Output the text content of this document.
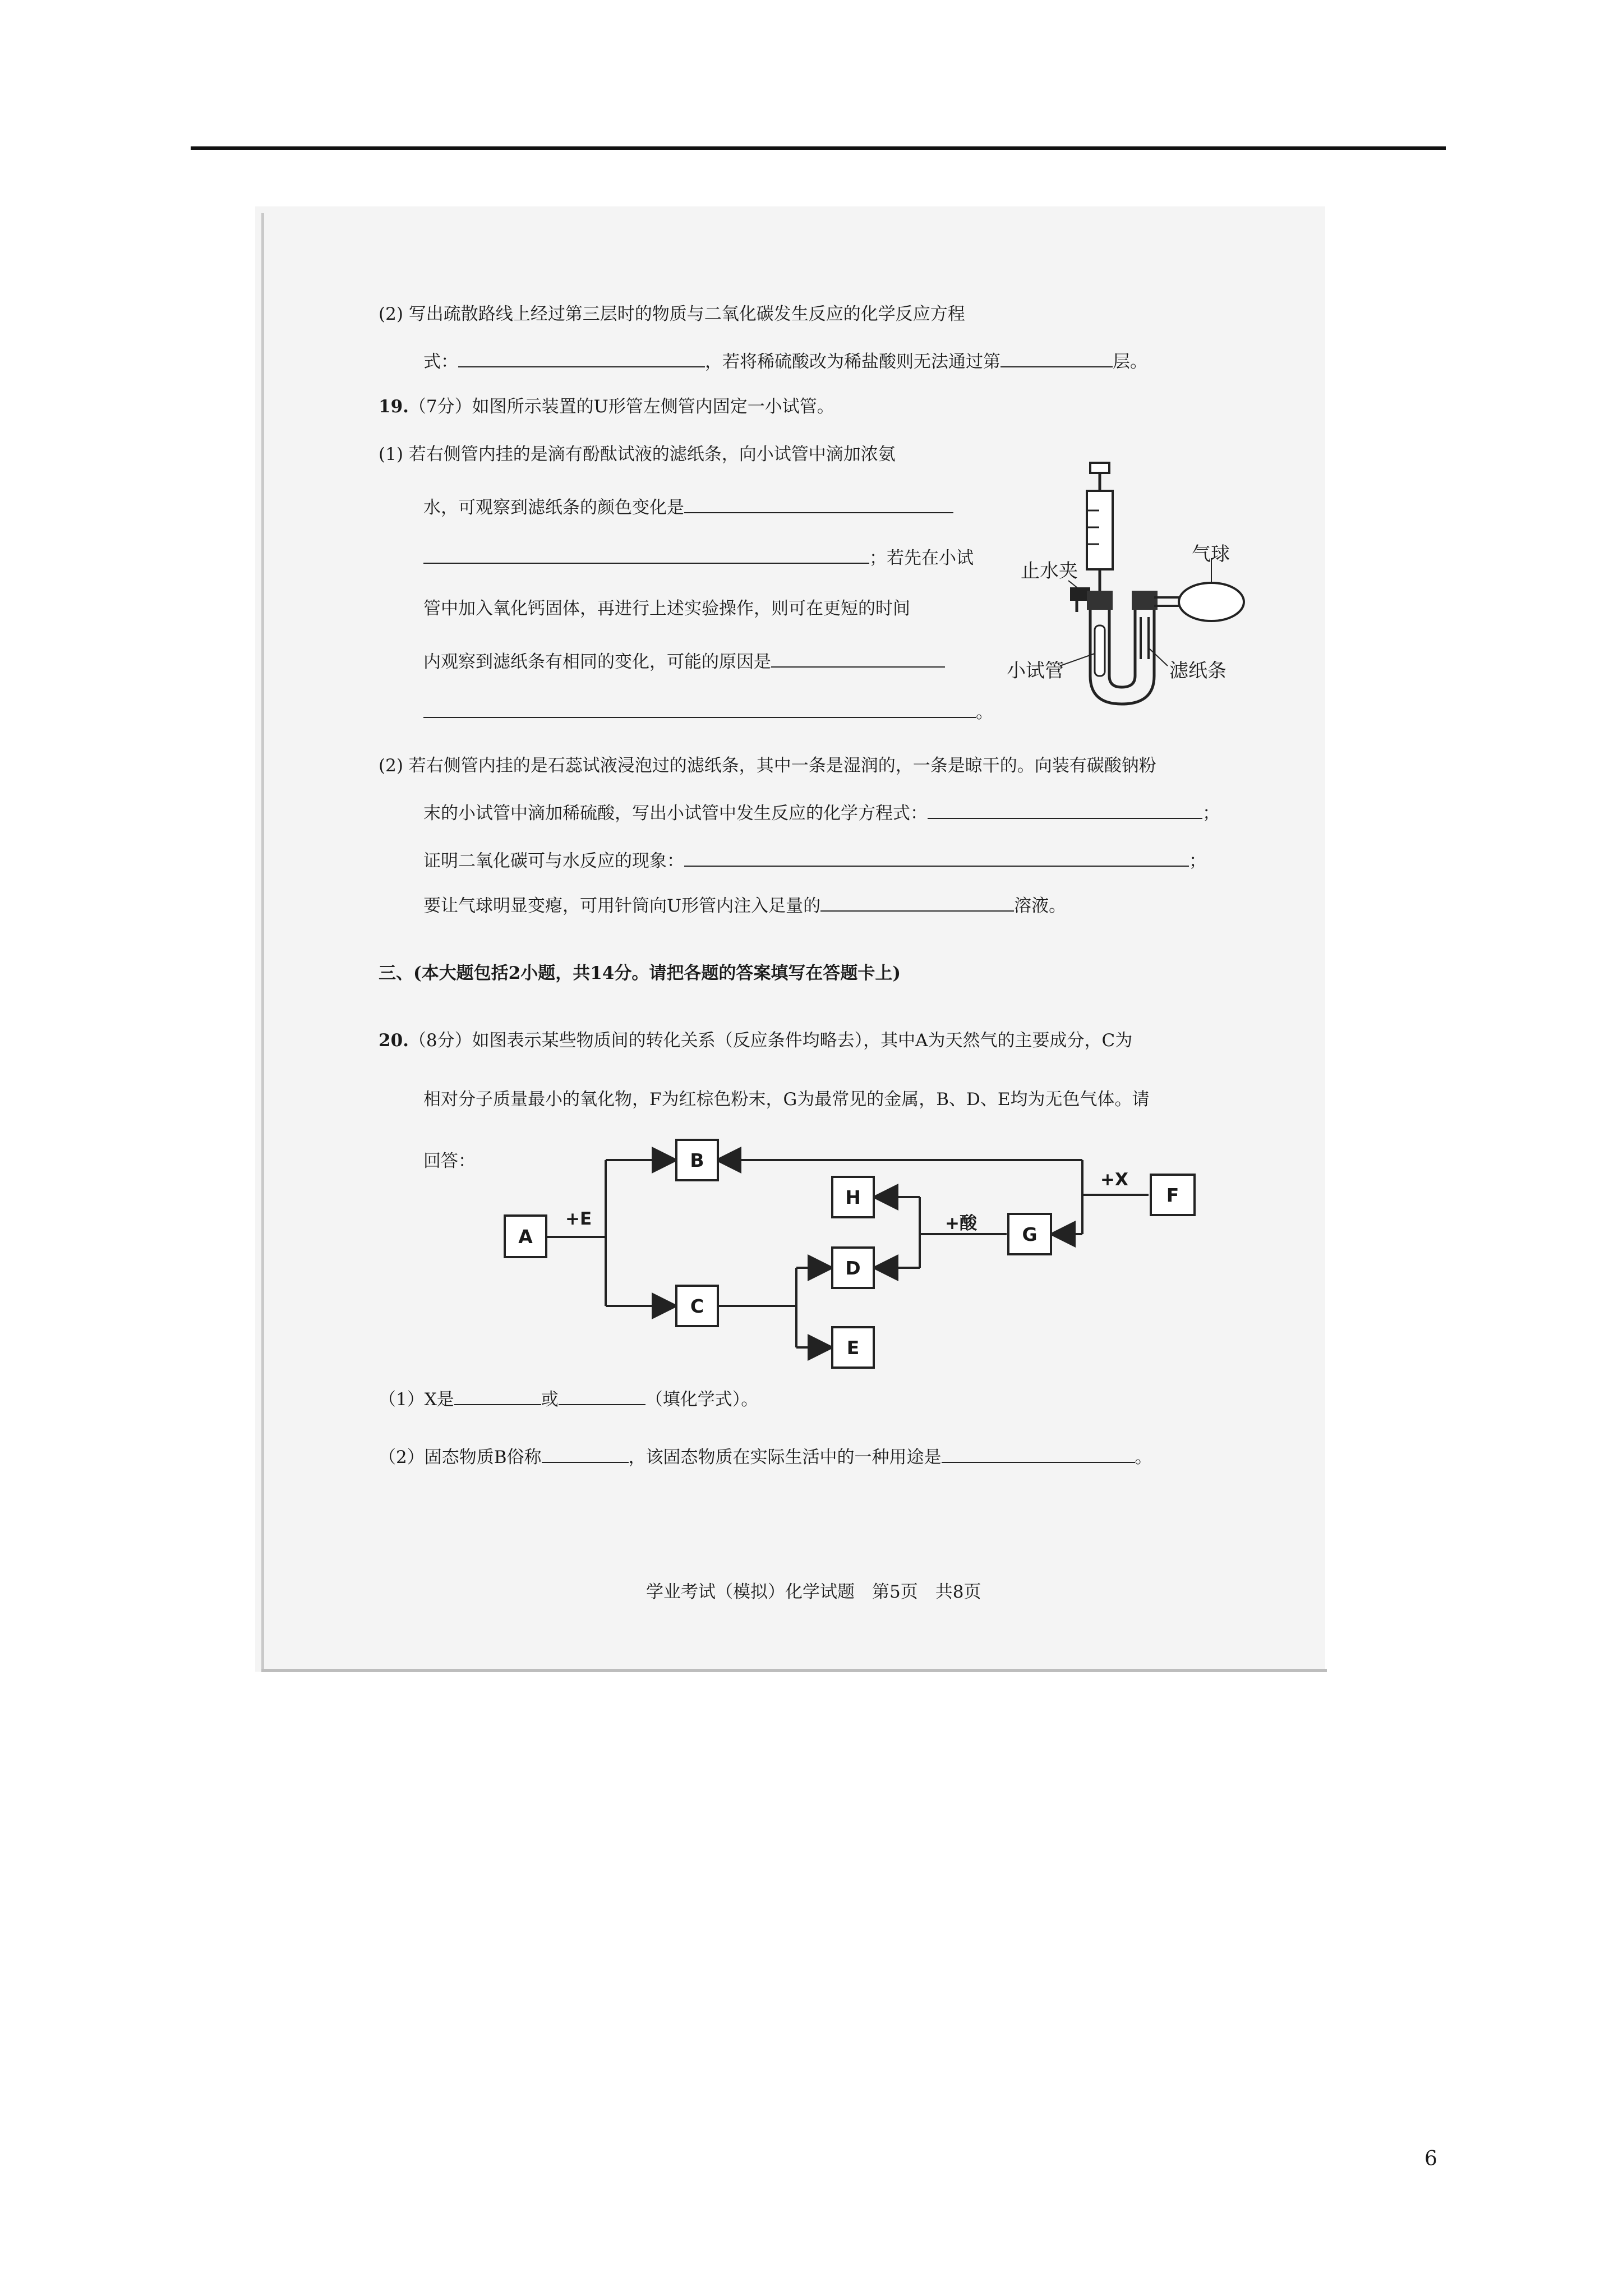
(2) 写出疏散路线上经过第三层时的物质与二氧化碳发生反应的化学反应方程
式：	，若将稀硫酸改为稀盐酸则无法通过第	层。
19.（7分）如图所示装置的U形管左侧管内固定一小试管。
(1) 若右侧管内挂的是滴有酚酞试液的滤纸条，向小试管中滴加浓氨
水，可观察到滤纸条的颜色变化是
；若先在小试
管中加入氧化钙固体，再进行上述实验操作，则可在更短的时间
内观察到滤纸条有相同的变化，可能的原因是
。
止水夹
气球
小试管	滤纸条
(2) 若右侧管内挂的是石蕊试液浸泡过的滤纸条，其中一条是湿润的，一条是晾干的。向装有碳酸钠粉
末的小试管中滴加稀硫酸，写出小试管中发生反应的化学方程式：	；
证明二氧化碳可与水反应的现象：	；
要让气球明显变瘪，可用针筒向U形管内注入足量的	溶液。
三、(本大题包括2小题，共14分。请把各题的答案填写在答题卡上)
20.（8分）如图表示某些物质间的转化关系（反应条件均略去），其中A为天然气的主要成分，C为
相对分子质量最小的氧化物，F为红棕色粉末，G为最常见的金属，B、D、E均为无色气体。请
回答：
A
B
C
D
E
H
G
F
+E
+X
+酸
（1）X是	或	（填化学式）。
（2）固态物质B俗称	，该固态物质在实际生活中的一种用途是	。
学业考试（模拟）化学试题　第5页　共8页
6
